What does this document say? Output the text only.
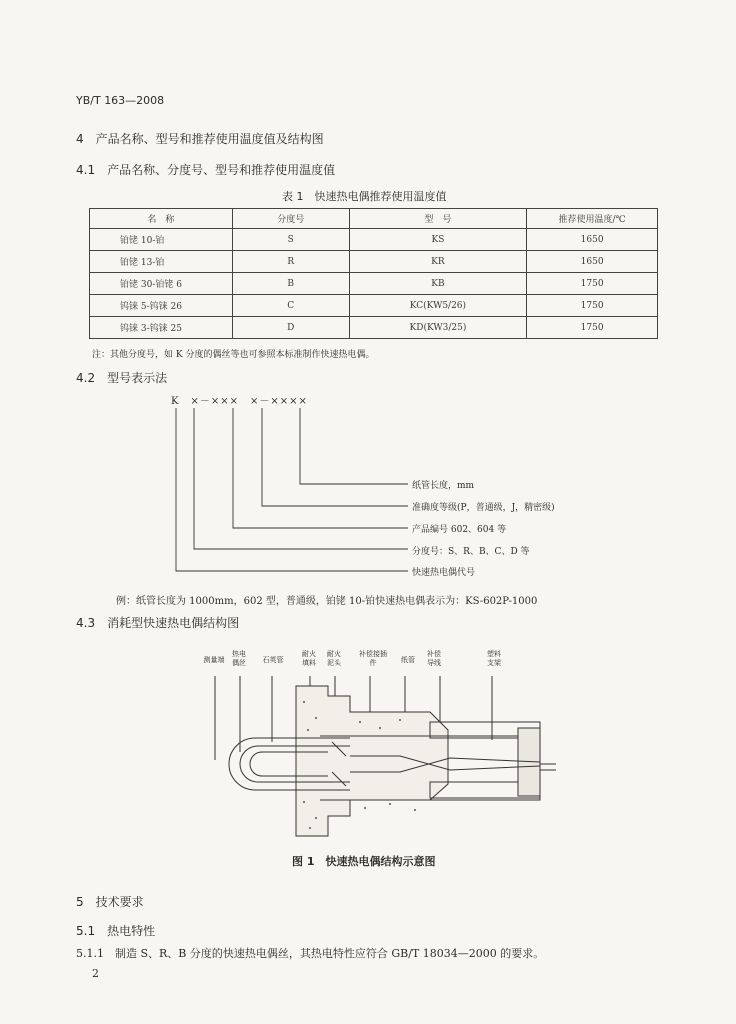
YB/T 163—2008
4　产品名称、型号和推荐使用温度值及结构图
4.1　产品名称、分度号、型号和推荐使用温度值
表 1　快速热电偶推荐使用温度值
名　称	分度号	型　号	推荐使用温度/℃
铂铑 10-铂	S	KS	1650
铂铑 13-铂	R	KR	1650
铂铑 30-铂铑 6	B	KB	1750
钨铼 5-钨铼 26	C	KC(KW5/26)	1750
钨铼 3-钨铼 25	D	KD(KW3/25)	1750
注：其他分度号，如 K 分度的偶丝等也可参照本标准制作快速热电偶。
4.2　型号表示法
K　×－×××　×－××××
纸管长度，mm
准确度等级(P，普通级，J，精密级)
产品编号 602、604 等
分度号：S、R、B、C、D 等
快速热电偶代号
例：纸管长度为 1000mm，602 型，普通级，铂铑 10-铂快速热电偶表示为：KS-602P-1000
4.3　消耗型快速热电偶结构图
测量端
热电偶丝	石英管
耐火填料
耐火泥头
补偿接插件	纸管
补偿导线
塑料支架
图 1　快速热电偶结构示意图
5　技术要求
5.1　热电特性
5.1.1　制造 S、R、B 分度的快速热电偶丝，其热电特性应符合 GB/T 18034—2000 的要求。
2
